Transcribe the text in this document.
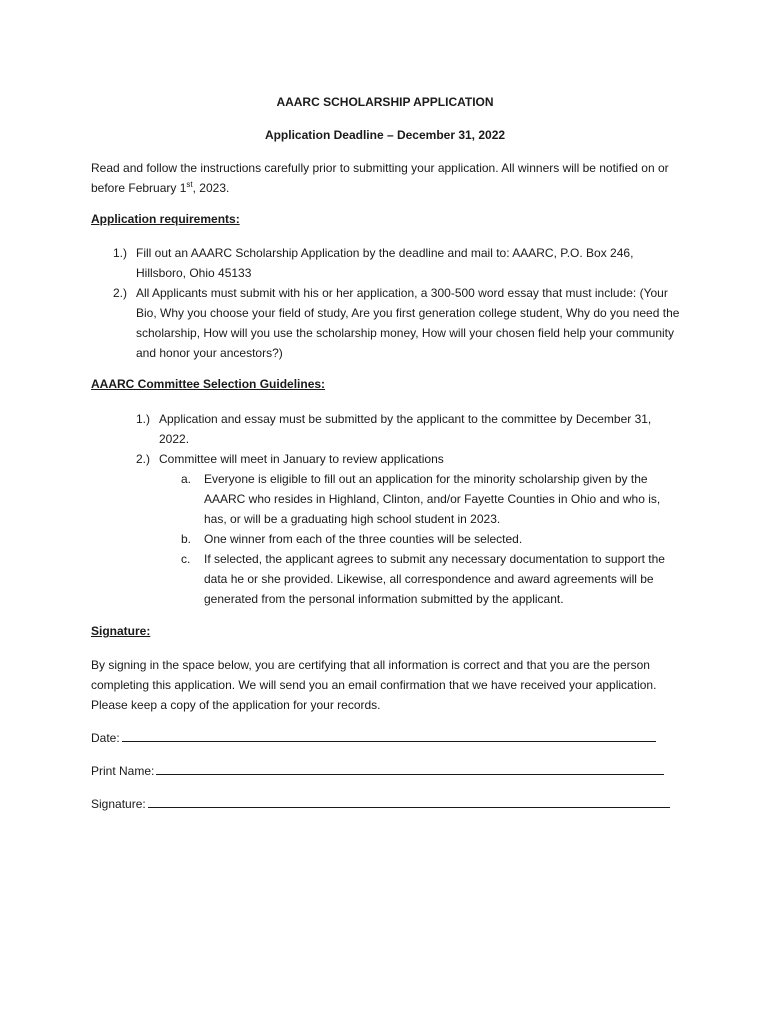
AAARC SCHOLARSHIP APPLICATION
Application Deadline – December 31, 2022

Read and follow the instructions carefully prior to submitting your application. All winners will be notified on or before February 1st, 2023.

Application requirements:
1.) Fill out an AAARC Scholarship Application by the deadline and mail to: AAARC, P.O. Box 246, Hillsboro, Ohio 45133
2.) All Applicants must submit with his or her application, a 300-500 word essay that must include: (Your Bio, Why you choose your field of study, Are you first generation college student, Why do you need the scholarship, How will you use the scholarship money, How will your chosen field help your community and honor your ancestors?)
AAARC Committee Selection Guidelines:
1.) Application and essay must be submitted by the applicant to the committee by December 31, 2022.
2.) Committee will meet in January to review applications
a. Everyone is eligible to fill out an application for the minority scholarship given by the AAARC who resides in Highland, Clinton, and/or Fayette Counties in Ohio and who is, has, or will be a graduating high school student in 2023.
b. One winner from each of the three counties will be selected.
c. If selected, the applicant agrees to submit any necessary documentation to support the data he or she provided. Likewise, all correspondence and award agreements will be generated from the personal information submitted by the applicant.
Signature:

By signing in the space below, you are certifying that all information is correct and that you are the person completing this application. We will send you an email confirmation that we have received your application. Please keep a copy of the application for your records.

Date:
Print Name:
Signature:
